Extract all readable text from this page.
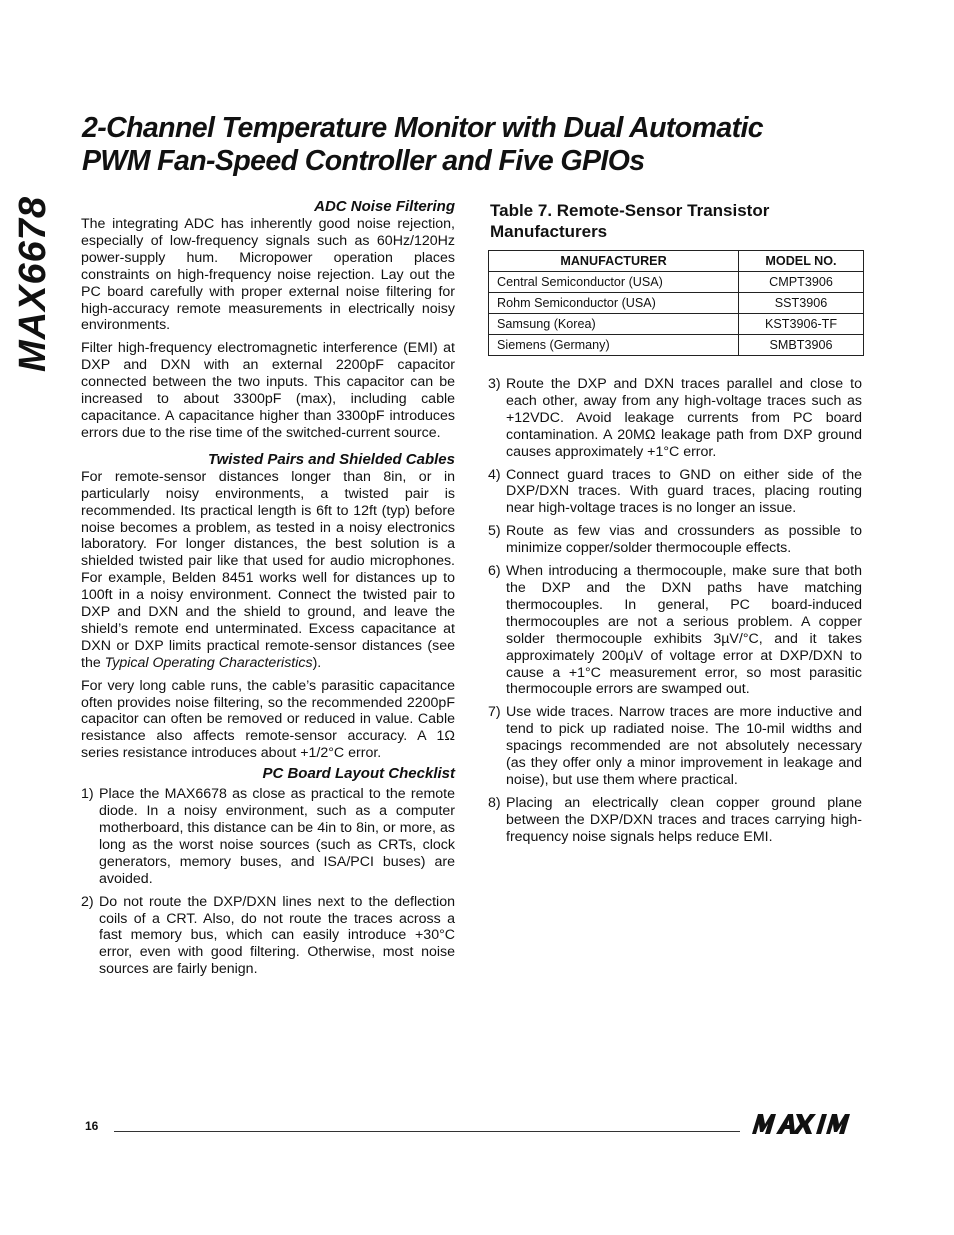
MAX6678
2-Channel Temperature Monitor with Dual Automatic
PWM Fan-Speed Controller and Five GPIOs
ADC Noise Filtering

The integrating ADC has inherently good noise rejection, especially of low-frequency signals such as 60Hz/120Hz power-supply hum. Micropower operation places constraints on high-frequency noise rejection. Lay out the PC board carefully with proper external noise filtering for high-accuracy remote measurements in electrically noisy environments.

Filter high-frequency electromagnetic interference (EMI) at DXP and DXN with an external 2200pF capacitor connected between the two inputs. This capacitor can be increased to about 3300pF (max), including cable capacitance. A capacitance higher than 3300pF introduces errors due to the rise time of the switched-current source.

Twisted Pairs and Shielded Cables

For remote-sensor distances longer than 8in, or in particularly noisy environments, a twisted pair is recommended. Its practical length is 6ft to 12ft (typ) before noise becomes a problem, as tested in a noisy electronics laboratory. For longer distances, the best solution is a shielded twisted pair like that used for audio microphones. For example, Belden 8451 works well for distances up to 100ft in a noisy environment. Connect the twisted pair to DXP and DXN and the shield to ground, and leave the shield’s remote end unterminated. Excess capacitance at DXN or DXP limits practical remote-sensor distances (see the Typical Operating Characteristics).

For very long cable runs, the cable’s parasitic capacitance often provides noise filtering, so the recommended 2200pF capacitor can often be removed or reduced in value. Cable resistance also affects remote-sensor accuracy. A 1Ω series resistance introduces about +1/2°C error.

PC Board Layout Checklist
1) Place the MAX6678 as close as practical to the remote diode. In a noisy environment, such as a computer motherboard, this distance can be 4in to 8in, or more, as long as the worst noise sources (such as CRTs, clock generators, memory buses, and ISA/PCI buses) are avoided.
2) Do not route the DXP/DXN lines next to the deflection coils of a CRT. Also, do not route the traces across a fast memory bus, which can easily introduce +30°C error, even with good filtering. Otherwise, most noise sources are fairly benign.
Table 7. Remote-Sensor Transistor
Manufacturers
MANUFACTURER	MODEL NO.
Central Semiconductor (USA)	CMPT3906
Rohm Semiconductor (USA)	SST3906
Samsung (Korea)	KST3906-TF
Siemens (Germany)	SMBT3906
3) Route the DXP and DXN traces parallel and close to each other, away from any high-voltage traces such as +12VDC. Avoid leakage currents from PC board contamination. A 20MΩ leakage path from DXP ground causes approximately +1°C error.
4) Connect guard traces to GND on either side of the DXP/DXN traces. With guard traces, placing routing near high-voltage traces is no longer an issue.
5) Route as few vias and crossunders as possible to minimize copper/solder thermocouple effects.
6) When introducing a thermocouple, make sure that both the DXP and the DXN paths have matching thermocouples. In general, PC board-induced thermocouples are not a serious problem. A copper solder thermocouple exhibits 3µV/°C, and it takes approximately 200µV of voltage error at DXP/DXN to cause a +1°C measurement error, so most parasitic thermocouple errors are swamped out.
7) Use wide traces. Narrow traces are more inductive and tend to pick up radiated noise. The 10-mil widths and spacings recommended are not absolutely necessary (as they offer only a minor improvement in leakage and noise), but use them where practical.
8) Placing an electrically clean copper ground plane between the DXP/DXN traces and traces carrying high-frequency noise signals helps reduce EMI.
16
